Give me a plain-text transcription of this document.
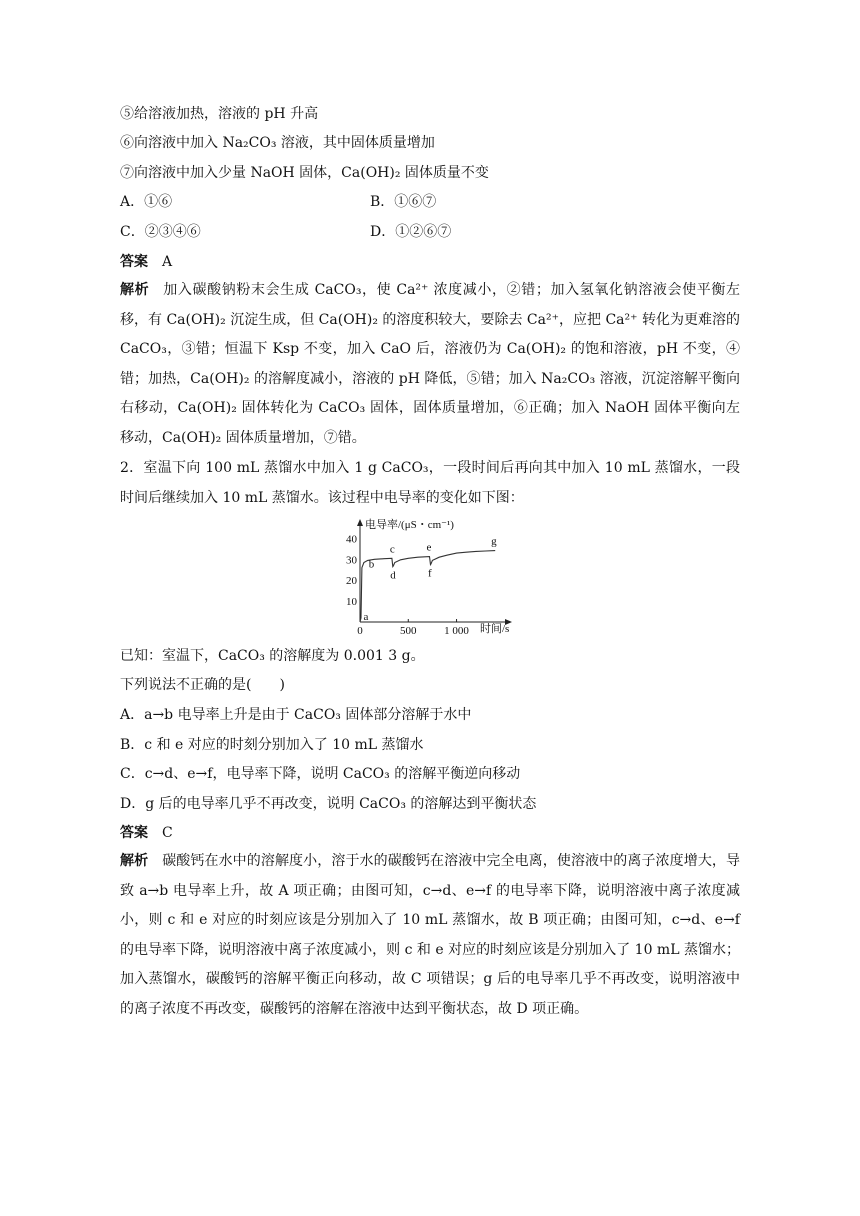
⑤给溶液加热，溶液的 pH 升高
⑥向溶液中加入 Na₂CO₃ 溶液，其中固体质量增加
⑦向溶液中加入少量 NaOH 固体，Ca(OH)₂ 固体质量不变
A．①⑥	B．①⑥⑦
C．②③④⑥	D．①②⑥⑦
答案 A
解析 加入碳酸钠粉末会生成 CaCO₃，使 Ca²⁺ 浓度减小，②错；加入氢氧化钠溶液会使平衡左移，有 Ca(OH)₂ 沉淀生成，但 Ca(OH)₂ 的溶度积较大，要除去 Ca²⁺，应把 Ca²⁺ 转化为更难溶的 CaCO₃，③错；恒温下 Ksp 不变，加入 CaO 后，溶液仍为 Ca(OH)₂ 的饱和溶液，pH 不变，④错；加热，Ca(OH)₂ 的溶解度减小，溶液的 pH 降低，⑤错；加入 Na₂CO₃ 溶液，沉淀溶解平衡向右移动，Ca(OH)₂ 固体转化为 CaCO₃ 固体，固体质量增加，⑥正确；加入 NaOH 固体平衡向左移动，Ca(OH)₂ 固体质量增加，⑦错。
2．室温下向 100 mL 蒸馏水中加入 1 g CaCO₃，一段时间后再向其中加入 10 mL 蒸馏水，一段时间后继续加入 10 mL 蒸馏水。该过程中电导率的变化如下图：
电导率/(μS・cm⁻¹)
时间/s
10
20
30
40
0	500	1 000
a
b
c
d
e
f
g
已知：室温下，CaCO₃ 的溶解度为 0.001 3 g。
下列说法不正确的是(　　)
A．a→b 电导率上升是由于 CaCO₃ 固体部分溶解于水中
B．c 和 e 对应的时刻分别加入了 10 mL 蒸馏水
C．c→d、e→f，电导率下降，说明 CaCO₃ 的溶解平衡逆向移动
D．g 后的电导率几乎不再改变，说明 CaCO₃ 的溶解达到平衡状态
答案 C
解析 碳酸钙在水中的溶解度小，溶于水的碳酸钙在溶液中完全电离，使溶液中的离子浓度增大，导致 a→b 电导率上升，故 A 项正确；由图可知，c→d、e→f 的电导率下降，说明溶液中离子浓度减小，则 c 和 e 对应的时刻应该是分别加入了 10 mL 蒸馏水，故 B 项正确；由图可知，c→d、e→f 的电导率下降，说明溶液中离子浓度减小，则 c 和 e 对应的时刻应该是分别加入了 10 mL 蒸馏水；加入蒸馏水，碳酸钙的溶解平衡正向移动，故 C 项错误；g 后的电导率几乎不再改变，说明溶液中的离子浓度不再改变，碳酸钙的溶解在溶液中达到平衡状态，故 D 项正确。
